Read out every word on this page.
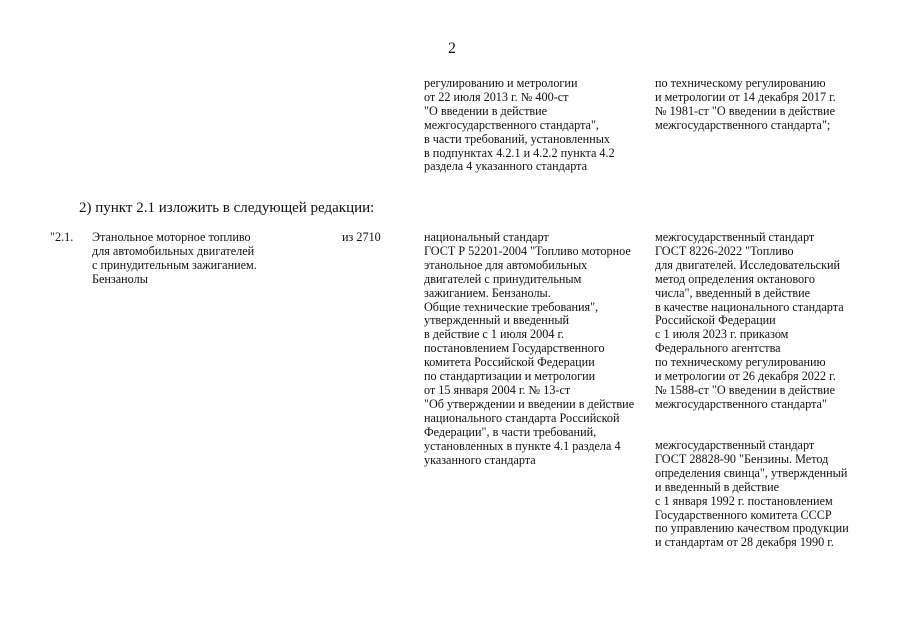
2
регулированию и метрологии
от 22 июля 2013 г. № 400-ст
"О введении в действие
межгосударственного стандарта",
в части требований, установленных
в подпунктах 4.2.1 и 4.2.2 пункта 4.2
раздела 4 указанного стандарта
по техническому регулированию
и метрологии от 14 декабря 2017 г.
№ 1981-ст "О введении в действие
межгосударственного стандарта";
2) пункт 2.1 изложить в следующей редакции:
"2.1. Этанольное моторное топливо
для автомобильных двигателей
с принудительным зажиганием.
Бензанолы
из 2710	национальный стандарт
ГОСТ Р 52201-2004 "Топливо моторное
этанольное для автомобильных
двигателей с принудительным
зажиганием. Бензанолы.
Общие технические требования",
утвержденный и введенный
в действие с 1 июля 2004 г.
постановлением Государственного
комитета Российской Федерации
по стандартизации и метрологии
от 15 января 2004 г. № 13-ст
"Об утверждении и введении в действие
национального стандарта Российской
Федерации", в части требований,
установленных в пункте 4.1 раздела 4
указанного стандарта
межгосударственный стандарт
ГОСТ 8226-2022 "Топливо
для двигателей. Исследовательский
метод определения октанового
числа", введенный в действие
в качестве национального стандарта
Российской Федерации
с 1 июля 2023 г. приказом
Федерального агентства
по техническому регулированию
и метрологии от 26 декабря 2022 г.
№ 1588-ст "О введении в действие
межгосударственного стандарта"
межгосударственный стандарт
ГОСТ 28828-90 "Бензины. Метод
определения свинца", утвержденный
и введенный в действие
с 1 января 1992 г. постановлением
Государственного комитета СССР
по управлению качеством продукции
и стандартам от 28 декабря 1990 г.
